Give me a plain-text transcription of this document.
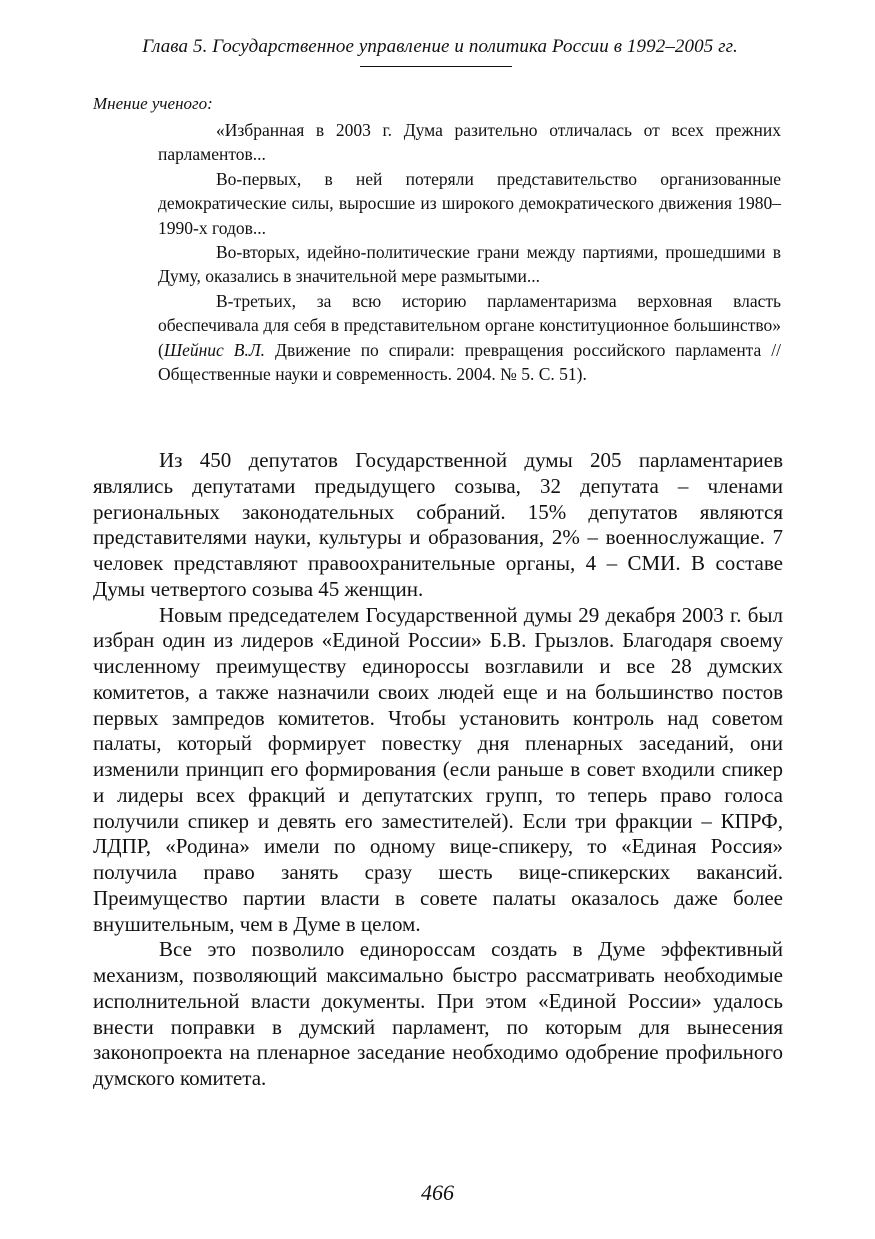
Глава 5. Государственное управление и политика России в 1992–2005 гг.
Мнение ученого:

«Избранная в 2003 г. Дума разительно отличалась от всех прежних парламентов...

Во-первых, в ней потеряли представительство организованные демократические силы, выросшие из широкого демократического движения 1980–1990-х годов...

Во-вторых, идейно-политические грани между партиями, прошедшими в Думу, оказались в значительной мере размытыми...

В-третьих, за всю историю парламентаризма верховная власть обеспечивала для себя в представительном органе конституционное большинство» (Шейнис В.Л. Движение по спирали: превращения российского парламента // Общественные науки и современность. 2004. № 5. С. 51).

Из 450 депутатов Государственной думы 205 парламентариев являлись депутатами предыдущего созыва, 32 депутата – членами региональных законодательных собраний. 15% депутатов являются представителями науки, культуры и образования, 2% – военнослужащие. 7 человек представляют правоохранительные органы, 4 – СМИ. В составе Думы четвертого созыва 45 женщин.

Новым председателем Государственной думы 29 декабря 2003 г. был избран один из лидеров «Единой России» Б.В. Грызлов. Благодаря своему численному преимуществу единороссы возглавили и все 28 думских комитетов, а также назначили своих людей еще и на большинство постов первых зампредов комитетов. Чтобы установить контроль над советом палаты, который формирует повестку дня пленарных заседаний, они изменили принцип его формирования (если раньше в совет входили спикер и лидеры всех фракций и депутатских групп, то теперь право голоса получили спикер и девять его заместителей). Если три фракции – КПРФ, ЛДПР, «Родина» имели по одному вице-спикеру, то «Единая Россия» получила право занять сразу шесть вице-спикерских вакансий. Преимущество партии власти в совете палаты оказалось даже более внушительным, чем в Думе в целом.

Все это позволило единороссам создать в Думе эффективный механизм, позволяющий максимально быстро рассматривать необходимые исполнительной власти документы. При этом «Единой России» удалось внести поправки в думский парламент, по которым для вынесения законопроекта на пленарное заседание необходимо одобрение профильного думского комитета.

466
